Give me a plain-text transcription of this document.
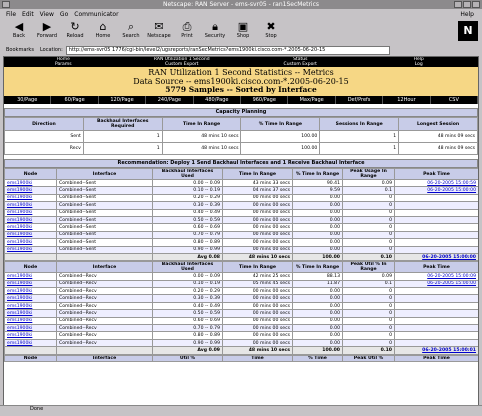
Netscape: RAN Server - ems-svr05 - ran1SecMetrics
File Edit View Go Communicator	Help
◀
Back
▶
Forward
↻
Reload
⌂
Home
⌕
Search
✉
Netscape
⎙
Print
🔒︎
Security
▣
Shop
✖
Stop	N
Bookmarks Location:	http://ems-svr05 1776/cgi-bin/level2/ugsreports/ranSecMetrics?ems1900ki.cisco.com-*.2005-06-20-15
Home	RAN Utilization 1 Second	Status	Help
Params	Custom Export	Custom Export	Log
RAN Utilization 1 Second Statistics -- Metrics
Data Source -- ems1900ki.cisco.com-*.2005-06-20-15
5779 Samples -- Sorted by Interface
30/Page	60/Page	120/Page	240/Page	480/Page	960/Page	Max/Page	Def/Prefs	12Hour	CSV
Capacity Planning
Direction	Backhaul Interfaces Required	Time In Range	% Time In Range	Sessions In Range	Longest Session
Sent	1	48 mins 10 secs	100.00	1	48 mins 09 secs
Recv	1	48 mins 10 secs	100.00	1	48 mins 09 secs
Recommendation: Deploy 1 Send Backhaul Interfaces and 1 Receive Backhaul Interface
Node	Interface	Backhaul Interfaces Used	Time In Range	% Time In Range	Peak Usage In Range	Peak Time
ems1900ki	Combined--Sent	0.00 -- 0.09	43 mins 33 secs	90.41	0.09	06-20-2005 15:00:59
ems1900ki	Combined--Sent	0.10 -- 0.19	04 mins 37 secs	9.59	0.1	06-20-2005 15:00:00
ems1900ki	Combined--Sent	0.20 -- 0.29	00 mins 00 secs	0.00	0	
ems1900ki	Combined--Sent	0.30 -- 0.39	00 mins 00 secs	0.00	0	
ems1900ki	Combined--Sent	0.40 -- 0.49	00 mins 00 secs	0.00	0	
ems1900ki	Combined--Sent	0.50 -- 0.59	00 mins 00 secs	0.00	0	
ems1900ki	Combined--Sent	0.60 -- 0.69	00 mins 00 secs	0.00	0	
ems1900ki	Combined--Sent	0.70 -- 0.79	00 mins 00 secs	0.00	0	
ems1900ki	Combined--Sent	0.80 -- 0.89	00 mins 00 secs	0.00	0	
ems1900ki	Combined--Sent	0.90 -- 0.99	00 mins 00 secs	0.00	0	
		Avg 0.08	48 mins 10 secs	100.00	0.10	06-20-2005 15:00:00
Node	Interface	Backhaul Interfaces Used	Time In Range	% Time In Range	Peak Util % In Range	Peak Time
ems1900ki	Combined--Recv	0.00 -- 0.09	42 mins 25 secs	88.13	0.09	06-20-2005 15:00:09
ems1900ki	Combined--Recv	0.10 -- 0.19	05 mins 45 secs	11.87	0.1	06-20-2005 15:00:00
ems1900ki	Combined--Recv	0.20 -- 0.29	00 mins 00 secs	0.00	0	
ems1900ki	Combined--Recv	0.30 -- 0.39	00 mins 00 secs	0.00	0	
ems1900ki	Combined--Recv	0.40 -- 0.49	00 mins 00 secs	0.00	0	
ems1900ki	Combined--Recv	0.50 -- 0.59	00 mins 00 secs	0.00	0	
ems1900ki	Combined--Recv	0.60 -- 0.69	00 mins 00 secs	0.00	0	
ems1900ki	Combined--Recv	0.70 -- 0.79	00 mins 00 secs	0.00	0	
ems1900ki	Combined--Recv	0.80 -- 0.89	00 mins 00 secs	0.00	0	
ems1900ki	Combined--Recv	0.90 -- 0.99	00 mins 00 secs	0.00	0	
		Avg 0.09	48 mins 10 secs	100.00	0.10	06-20-2005 15:00:01
Node	Interface	Util %	Time	% Time	Peak Util %	Peak Time
Done
